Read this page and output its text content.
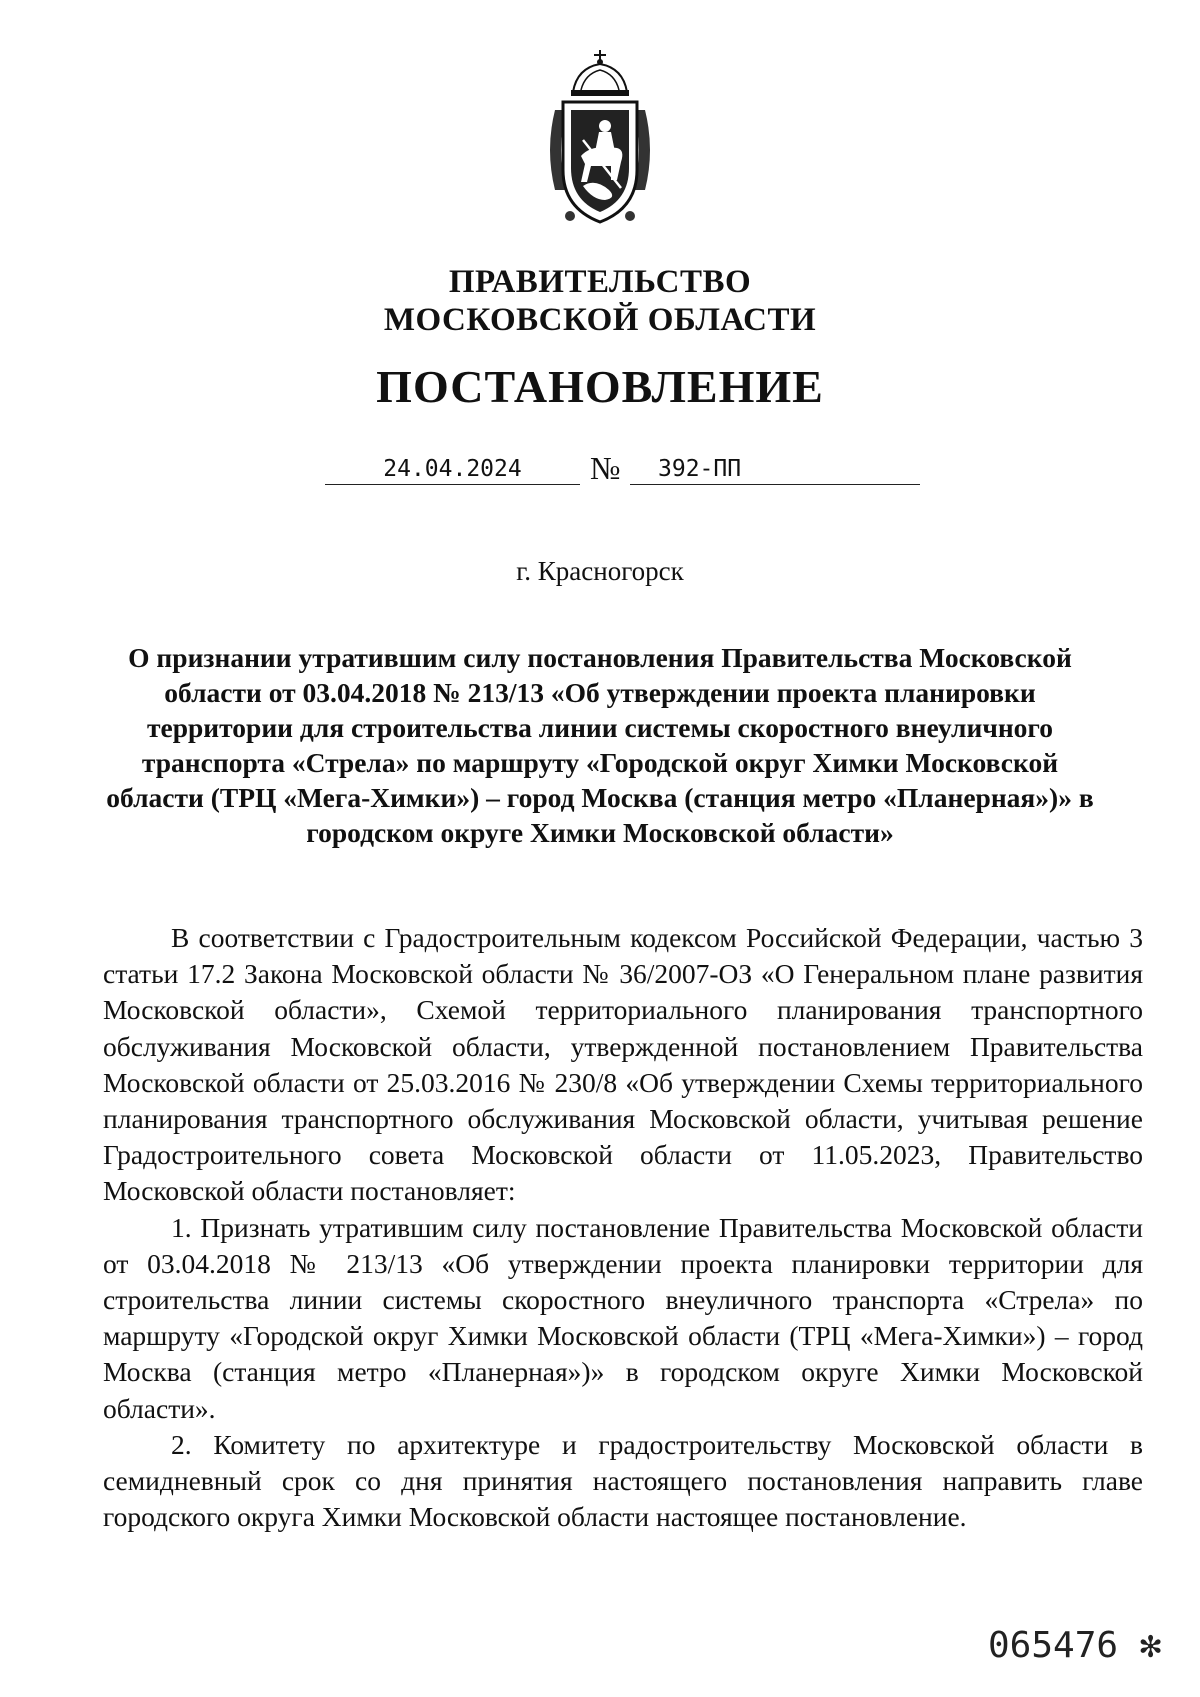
ПРАВИТЕЛЬСТВО
МОСКОВСКОЙ ОБЛАСТИ
ПОСТАНОВЛЕНИЕ
24.04.2024	№	392-ПП
г. Красногорск
О признании утратившим силу постановления Правительства Московской области от 03.04.2018 № 213/13 «Об утверждении проекта планировки территории для строительства линии системы скоростного внеуличного транспорта «Стрела» по маршруту «Городской округ Химки Московской области (ТРЦ «Мега-Химки») – город Москва (станция метро «Планерная»)» в городском округе Химки Московской области»

В соответствии с Градостроительным кодексом Российской Федерации, частью 3 статьи 17.2 Закона Московской области № 36/2007-ОЗ «О Генеральном плане развития Московской области», Схемой территориального планирования транспортного обслуживания Московской области, утвержденной постановлением Правительства Московской области от 25.03.2016 № 230/8 «Об утверждении Схемы территориального планирования транспортного обслуживания Московской области, учитывая решение Градостроительного совета Московской области от 11.05.2023, Правительство Московской области постановляет:

1. Признать утратившим силу постановление Правительства Московской области от 03.04.2018 № 213/13 «Об утверждении проекта планировки территории для строительства линии системы скоростного внеуличного транспорта «Стрела» по маршруту «Городской округ Химки Московской области (ТРЦ «Мега-Химки») – город Москва (станция метро «Планерная»)» в городском округе Химки Московской области».

2. Комитету по архитектуре и градостроительству Московской области в семидневный срок со дня принятия настоящего постановления направить главе городского округа Химки Московской области настоящее постановление.

065476 ✻
